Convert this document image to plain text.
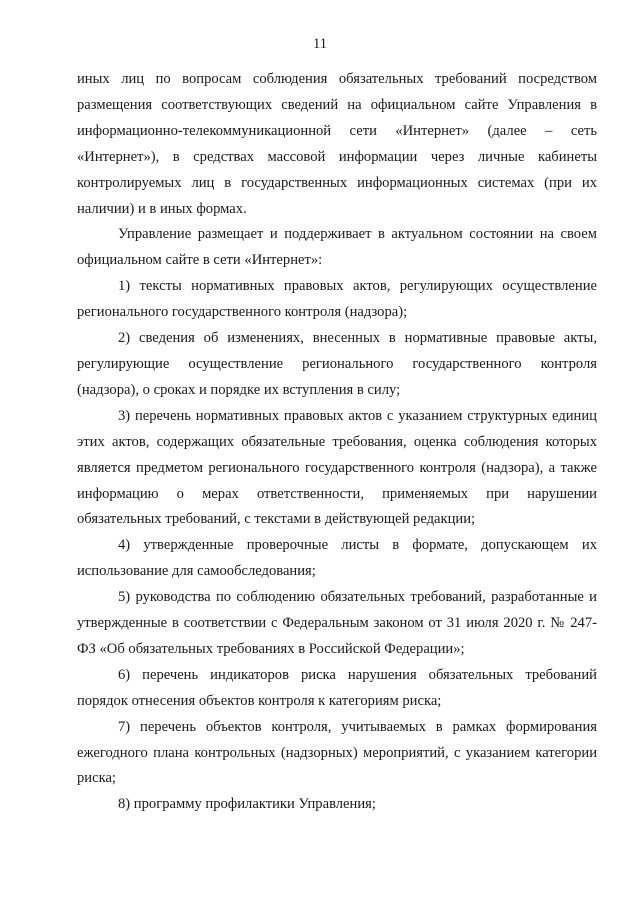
11

иных лиц по вопросам соблюдения обязательных требований посредством размещения соответствующих сведений на официальном сайте Управления в информационно-телекоммуникационной сети «Интернет» (далее – сеть «Интернет»), в средствах массовой информации через личные кабинеты контролируемых лиц в государственных информационных системах (при их наличии) и в иных формах.

Управление размещает и поддерживает в актуальном состоянии на своем официальном сайте в сети «Интернет»:

1) тексты нормативных правовых актов, регулирующих осуществление регионального государственного контроля (надзора);

2) сведения об изменениях, внесенных в нормативные правовые акты, регулирующие осуществление регионального государственного контроля (надзора), о сроках и порядке их вступления в силу;

3) перечень нормативных правовых актов с указанием структурных единиц этих актов, содержащих обязательные требования, оценка соблюдения которых является предметом регионального государственного контроля (надзора), а также информацию о мерах ответственности, применяемых при нарушении обязательных требований, с текстами в действующей редакции;

4) утвержденные проверочные листы в формате, допускающем их использование для самообследования;

5) руководства по соблюдению обязательных требований, разработанные и утвержденные в соответствии с Федеральным законом от 31 июля 2020 г. № 247-ФЗ «Об обязательных требованиях в Российской Федерации»;

6) перечень индикаторов риска нарушения обязательных требований порядок отнесения объектов контроля к категориям риска;

7) перечень объектов контроля, учитываемых в рамках формирования ежегодного плана контрольных (надзорных) мероприятий, с указанием категории риска;

8) программу профилактики Управления;
